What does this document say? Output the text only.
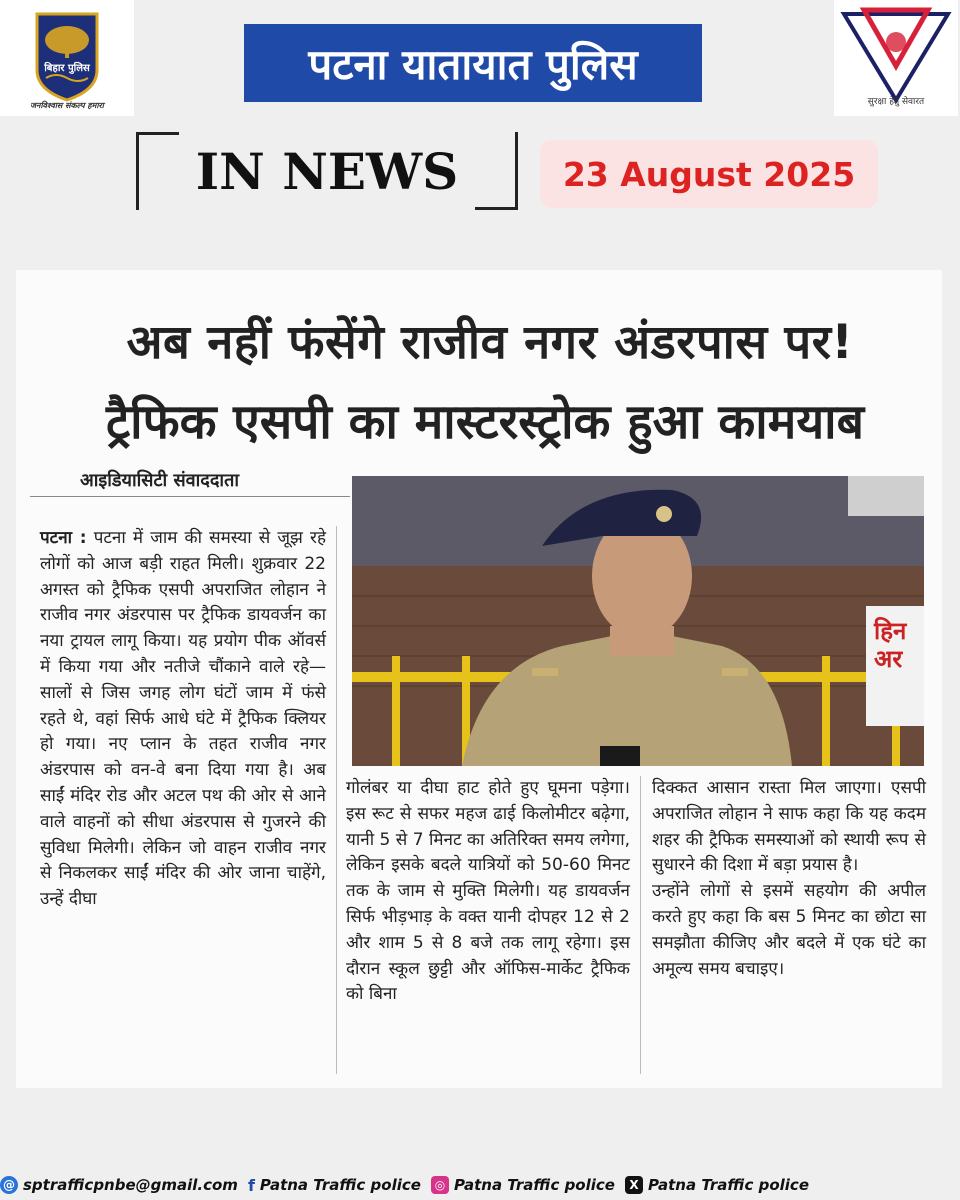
बिहार पुलिस
जनविश्वास संकल्प हमारा	सुरक्षा हेतु सेवारत
पटना यातायात पुलिस
IN NEWS	23 August 2025
अब नहीं फंसेंगे राजीव नगर अंडरपास पर!
ट्रैफिक एसपी का मास्टरस्ट्रोक हुआ कामयाब
आइडियासिटी संवाददाता
हिन
अर
पटना : पटना में जाम की समस्या से जूझ रहे लोगों को आज बड़ी राहत मिली। शुक्रवार 22 अगस्त को ट्रैफिक एसपी अपराजित लोहान ने राजीव नगर अंडरपास पर ट्रैफिक डायवर्जन का नया ट्रायल लागू किया। यह प्रयोग पीक ऑवर्स में किया गया और नतीजे चौंकाने वाले रहे—सालों से जिस जगह लोग घंटों जाम में फंसे रहते थे, वहां सिर्फ आधे घंटे में ट्रैफिक क्लियर हो गया। नए प्लान के तहत राजीव नगर अंडरपास को वन-वे बना दिया गया है। अब साईं मंदिर रोड और अटल पथ की ओर से आने वाले वाहनों को सीधा अंडरपास से गुजरने की सुविधा मिलेगी। लेकिन जो वाहन राजीव नगर से निकलकर साईं मंदिर की ओर जाना चाहेंगे, उन्हें दीघा
गोलंबर या दीघा हाट होते हुए घूमना पड़ेगा। इस रूट से सफर महज ढाई किलोमीटर बढ़ेगा, यानी 5 से 7 मिनट का अतिरिक्त समय लगेगा, लेकिन इसके बदले यात्रियों को 50-60 मिनट तक के जाम से मुक्ति मिलेगी। यह डायवर्जन सिर्फ भीड़भाड़ के वक्त यानी दोपहर 12 से 2 और शाम 5 से 8 बजे तक लागू रहेगा। इस दौरान स्कूल छुट्टी और ऑफिस-मार्केट ट्रैफिक को बिना
दिक्कत आसान रास्ता मिल जाएगा। एसपी अपराजित लोहान ने साफ कहा कि यह कदम शहर की ट्रैफिक समस्याओं को स्थायी रूप से सुधारने की दिशा में बड़ा प्रयास है।
उन्होंने लोगों से इसमें सहयोग की अपील करते हुए कहा कि बस 5 मिनट का छोटा सा समझौता कीजिए और बदले में एक घंटे का अमूल्य समय बचाइए।
@ sptrafficpnbe@gmail.com f Patna Traffic police	◎ Patna Traffic police	X Patna Traffic police
